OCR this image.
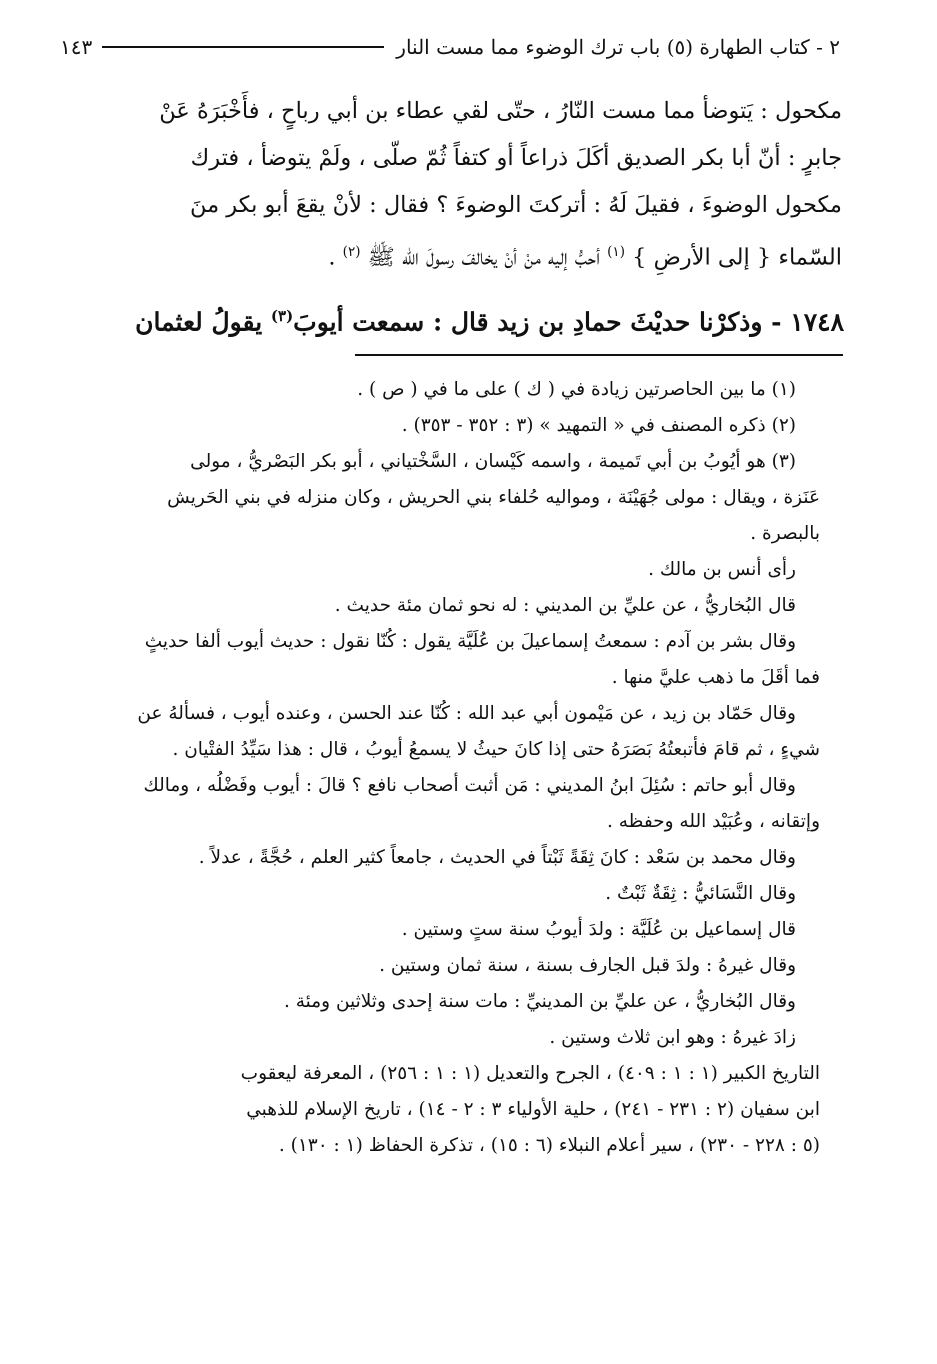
٢ - كتاب الطهارة (٥) باب ترك الوضوء مما مست النار
١٤٣

مكحول : يَتوضأ مما مست النّارُ ، حتّى لقي عطاء بن أبي رباحٍ ، فأَخْبَرَهُ عَنْ

جابرٍ : أنّ أبا بكر الصديق أكَلَ ذراعاً أو كتفاً ثُمّ صلّى ، ولَمْ يتوضأ ، فترك

مكحول الوضوءَ ، فقيلَ لَهُ : أتركتَ الوضوءَ ؟ فقال : لأنْ يقعَ أبو بكر منَ

السّماء { إلى الأرضِ } $^{(١)}$ أحبُّ إليه منْ أنْ يخالفَ رسولَ الله ﷺ $^{(٢)}$ .

١٧٤٨ - وذكرْنا حديْثَ حمادِ بن زيد قال : سمعت أيوبَ$^{(٣)}$ يقولُ لعثمان

(١) ما بين الحاصرتين زيادة في ( ك ) على ما في ( ص ) .

(٢) ذكره المصنف في « التمهيد » (٣ : ٣٥٢ - ٣٥٣) .

(٣) هو أيُوبُ بن أبي تَميمة ، واسمه كَيْسان ، السَّخْتياني ، أبو بكر البَصْريُّ ، مولى

عَنَزة ، ويقال : مولى جُهَيْنَة ، ومواليه حُلفاء بني الحريش ، وكان منزله في بني الحَريش

بالبصرة .

رأى أنس بن مالك .

قال البُخاريُّ ، عن عليِّ بن المديني : له نحو ثمان مئة حديث .

وقال بشر بن آدم : سمعتُ إسماعيلَ بن عُلَيَّة يقول : كُنّا نقول : حديث أيوب ألفا حديثٍ

فما أقَلَ ما ذهب عليَّ منها .

وقال حَمّاد بن زيد ، عن مَيْمون أبي عبد الله : كُنّا عند الحسن ، وعنده أيوب ، فسألهُ عن

شيءٍ ، ثم قامَ فأتبعتُهُ بَصَرَهُ حتى إذا كانَ حيثُ لا يسمعُ أيوبُ ، قال : هذا سَيِّدُ الفتْيان .

وقال أبو حاتم : سُئِلَ ابنُ المديني : مَن أثبت أصحاب نافع ؟ قالَ : أيوب وفَضْلُه ، ومالك

وإتقانه ، وعُبَيْد الله وحفظه .

وقال محمد بن سَعْد : كانَ ثِقَةً ثَبْتاً في الحديث ، جامعاً كثير العلم ، حُجَّةً ، عدلاً .

وقال النَّسَائيُّ : ثِقَةٌ ثَبْتٌ .

قال إسماعيل بن عُلَيَّة : ولدَ أيوبُ سنة ستٍ وستين .

وقال غيرهُ : ولدَ قبل الجارف بسنة ، سنة ثمان وستين .

وقال البُخاريُّ ، عن عليِّ بن المدينيِّ : مات سنة إحدى وثلاثين ومئة .

زادَ غيرهُ : وهو ابن ثلاث وستين .

التاريخ الكبير (١ : ١ : ٤٠٩) ، الجرح والتعديل (١ : ١ : ٢٥٦) ، المعرفة ليعقوب

ابن سفيان (٢ : ٢٣١ - ٢٤١) ، حلية الأولياء ٣ : ٢ - ١٤) ، تاريخ الإسلام للذهبي

(٥ : ٢٢٨ - ٢٣٠) ، سير أعلام النبلاء (٦ : ١٥) ، تذكرة الحفاظ (١ : ١٣٠) .
